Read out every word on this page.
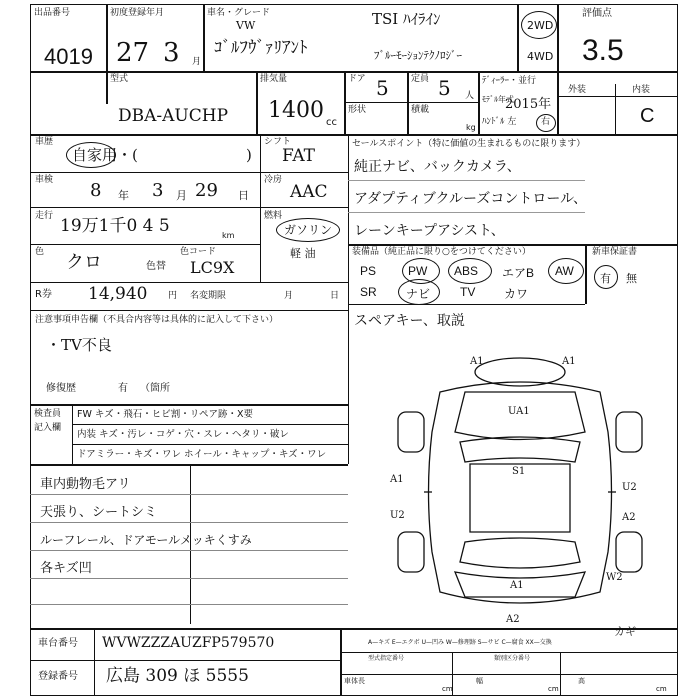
出品番号
4019
初度登録年月
27 3 月
車名・グレード
VW
ｺﾞﾙﾌｳﾞｧﾘｱﾝﾄ
TSI ﾊｲﾗｲﾝ
ﾌﾞﾙｰﾓｰｼｮﾝﾃｸﾉﾛｼﾞｰ
2WD
4WD
評価点
3.5
型式
DBA-AUCHP
排気量
1400 cc
ドア 5 定員 5 人
形状	積載
kg
ﾃﾞｨｰﾗｰ・並行
ﾓﾃﾞﾙ年式
2015年
ﾊﾝﾄﾞﾙ 左	右
外装	内装
C
車歴
自家用・(	)
シフト
FAT
車検 8 年 3 月 29 日
冷房
AAC
走行 19万1千0 4 5	km
燃料
ガソリン
軽 油
色 クロ	色替
色コード
LC9X
R券 14,940 円 名変期限	月	日
注意事項申告欄（不具合内容等は具体的に記入して下さい）
・TV不良
修復歴	有 （箇所
セールスポイント（特に価値の生まれるものに限ります）
純正ナビ、バックカメラ、
アダプティブクルーズコントロール、
レーンキープアシスト、
装備品（純正品に限り○をつけてください）	新車保証書
PS	PW ABS エアB AW
SR ナビ TV カワ
有 無
スペアキー、取説
検査員
記入欄
FW キズ・飛石・ヒビ割・リペア跡・X要
内装 キズ・汚レ・コゲ・穴・スレ・ヘタリ・破レ
ドアミラー・キズ・ワレ ホイール・キャップ・キズ・ワレ
車内動物毛アリ
天張り、シートシミ
ルーフレール、ドアモールメッキくすみ
各キズ凹
A1	A1
UA1
S1
A1
U2
U2
A2
W2
A1
A2
車台番号 WVWZZZAUZFP579570
登録番号 広島 309 ほ 5555
A—キズ E—エクボ U—凹み W—修理跡 S—サビ C—腐食 XX—交換
カギ
型式指定番号	類別区分番号
車体長	幅	高
cm	cm	cm
